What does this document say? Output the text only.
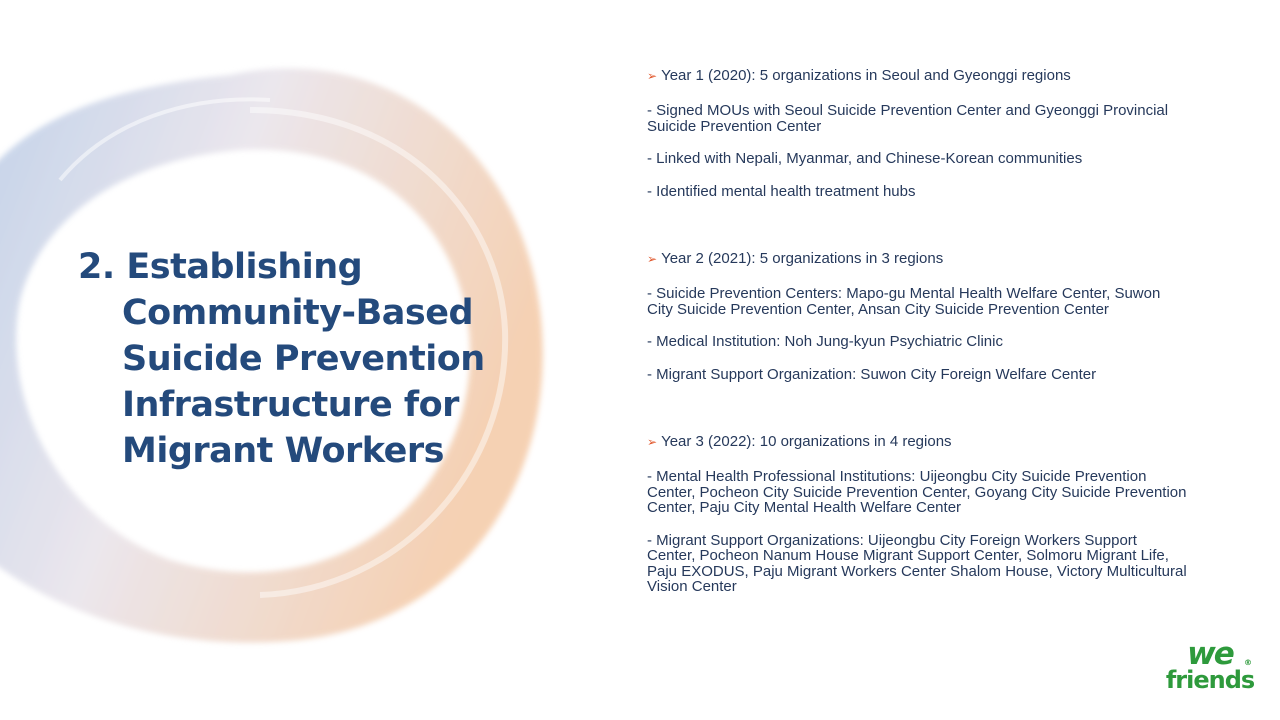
2. Establishing
Community-Based
Suicide Prevention
Infrastructure for
Migrant Workers
➢ Year 1 (2020): 5 organizations in Seoul and Gyeonggi regions
- Signed MOUs with Seoul Suicide Prevention Center and Gyeonggi Provincial Suicide Prevention Center
- Linked with Nepali, Myanmar, and Chinese-Korean communities
- Identified mental health treatment hubs
➢ Year 2 (2021): 5 organizations in 3 regions
- Suicide Prevention Centers: Mapo-gu Mental Health Welfare Center, Suwon City Suicide Prevention Center, Ansan City Suicide Prevention Center
- Medical Institution: Noh Jung-kyun Psychiatric Clinic
- Migrant Support Organization: Suwon City Foreign Welfare Center
➢ Year 3 (2022): 10 organizations in 4 regions
- Mental Health Professional Institutions: Uijeongbu City Suicide Prevention Center, Pocheon City Suicide Prevention Center, Goyang City Suicide Prevention Center, Paju City Mental Health Welfare Center
- Migrant Support Organizations: Uijeongbu City Foreign Workers Support Center, Pocheon Nanum House Migrant Support Center, Solmoru Migrant Life, Paju EXODUS, Paju Migrant Workers Center Shalom House, Victory Multicultural Vision Center
we
friends
®
